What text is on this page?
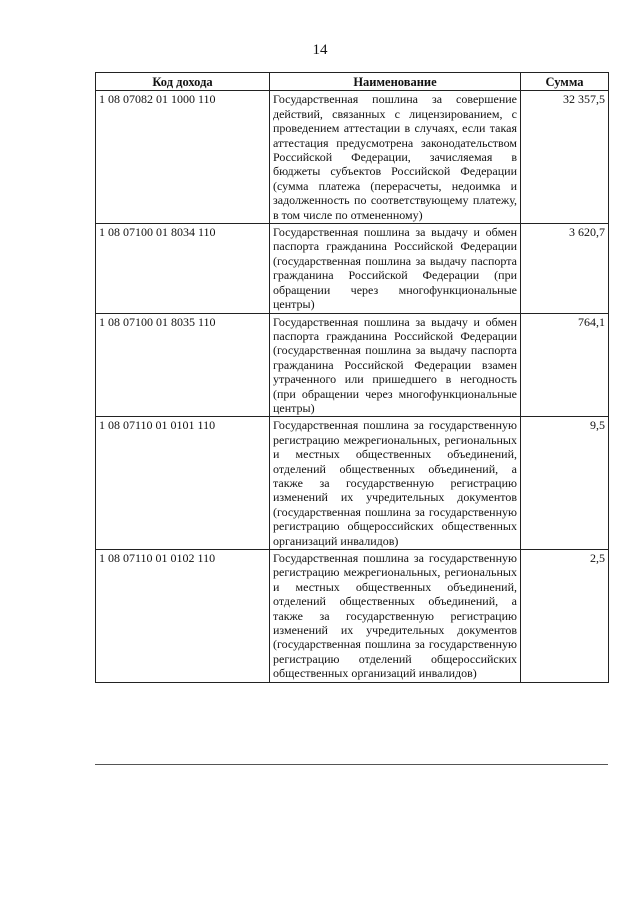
14
Код дохода	Наименование	Сумма
1 08 07082 01 1000 110	Государственная пошлина за совершение действий, связанных с лицензированием, с проведением аттестации в случаях, если такая аттестация предусмотрена законодательством Российской Федерации, зачисляемая в бюджеты субъектов Российской Федерации (сумма платежа (перерасчеты, недоимка и задолженность по соответствующему платежу, в том числе по отмененному)	32 357,5
1 08 07100 01 8034 110	Государственная пошлина за выдачу и обмен паспорта гражданина Российской Федерации (государственная пошлина за выдачу паспорта гражданина Российской Федерации (при обращении через многофункциональные центры)	3 620,7
1 08 07100 01 8035 110	Государственная пошлина за выдачу и обмен паспорта гражданина Российской Федерации (государственная пошлина за выдачу паспорта гражданина Российской Федерации взамен утраченного или пришедшего в негодность (при обращении через многофункциональные центры)	764,1
1 08 07110 01 0101 110	Государственная пошлина за государственную регистрацию межрегиональных, региональных и местных общественных объединений, отделений общественных объединений, а также за государственную регистрацию изменений их учредительных документов (государственная пошлина за государственную регистрацию общероссийских общественных организаций инвалидов)	9,5
1 08 07110 01 0102 110	Государственная пошлина за государственную регистрацию межрегиональных, региональных и местных общественных объединений, отделений общественных объединений, а также за государственную регистрацию изменений их учредительных документов (государственная пошлина за государственную регистрацию отделений общероссийских общественных организаций инвалидов)	2,5
